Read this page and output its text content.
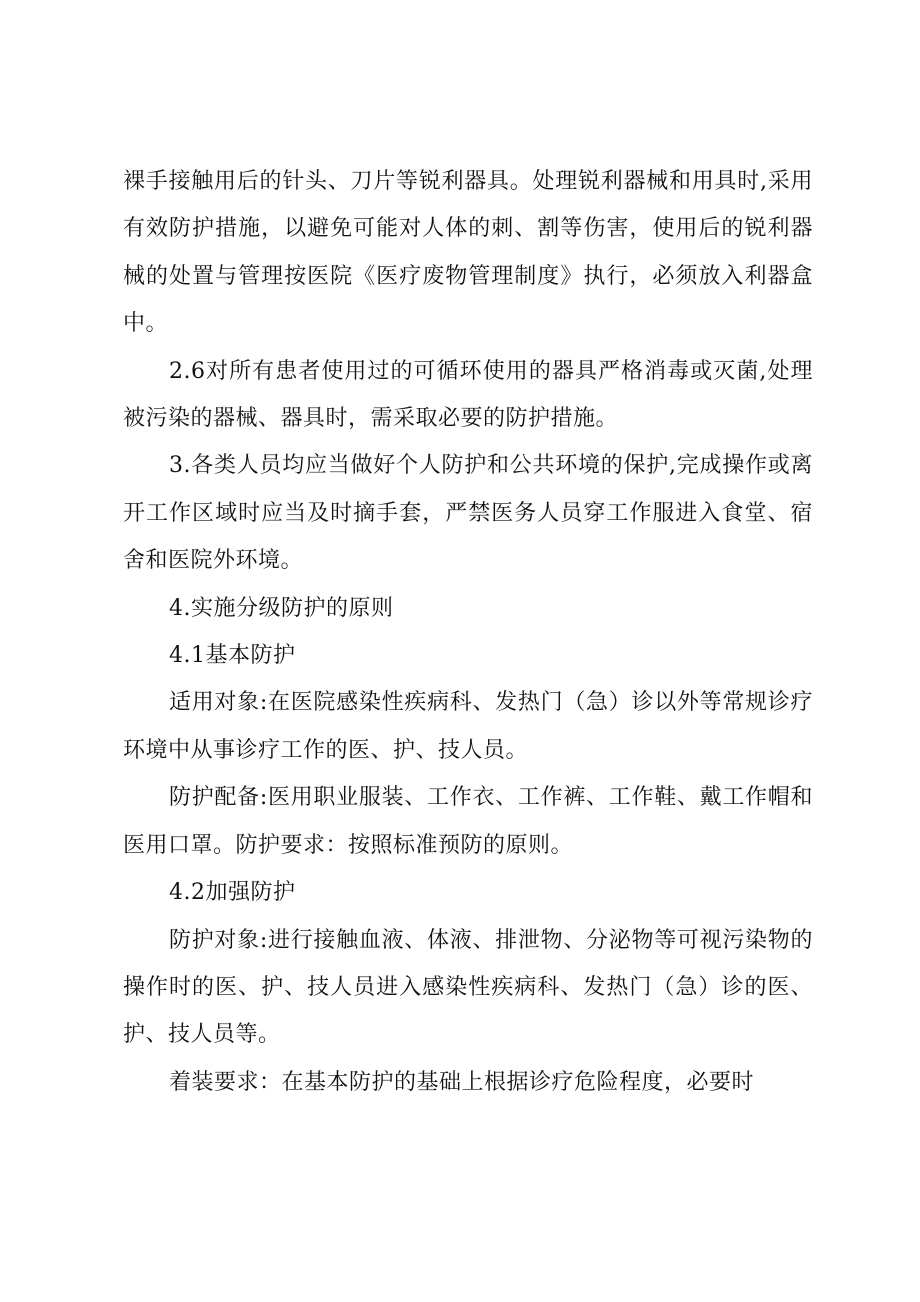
裸手接触用后的针头、刀片等锐利器具。处理锐利器械和用具时,采用有效防护措施，以避免可能对人体的刺、割等伤害，使用后的锐利器械的处置与管理按医院《医疗废物管理制度》执行，必须放入利器盒中。

2.6对所有患者使用过的可循环使用的器具严格消毒或灭菌,处理被污染的器械、器具时，需采取必要的防护措施。

3.各类人员均应当做好个人防护和公共环境的保护,完成操作或离开工作区域时应当及时摘手套，严禁医务人员穿工作服进入食堂、宿舍和医院外环境。

4.实施分级防护的原则

4.1基本防护

适用对象:在医院感染性疾病科、发热门（急）诊以外等常规诊疗环境中从事诊疗工作的医、护、技人员。

防护配备:医用职业服装、工作衣、工作裤、工作鞋、戴工作帽和医用口罩。防护要求：按照标准预防的原则。

4.2加强防护

防护对象:进行接触血液、体液、排泄物、分泌物等可视污染物的操作时的医、护、技人员进入感染性疾病科、发热门（急）诊的医、护、技人员等。

着装要求：在基本防护的基础上根据诊疗危险程度，必要时
